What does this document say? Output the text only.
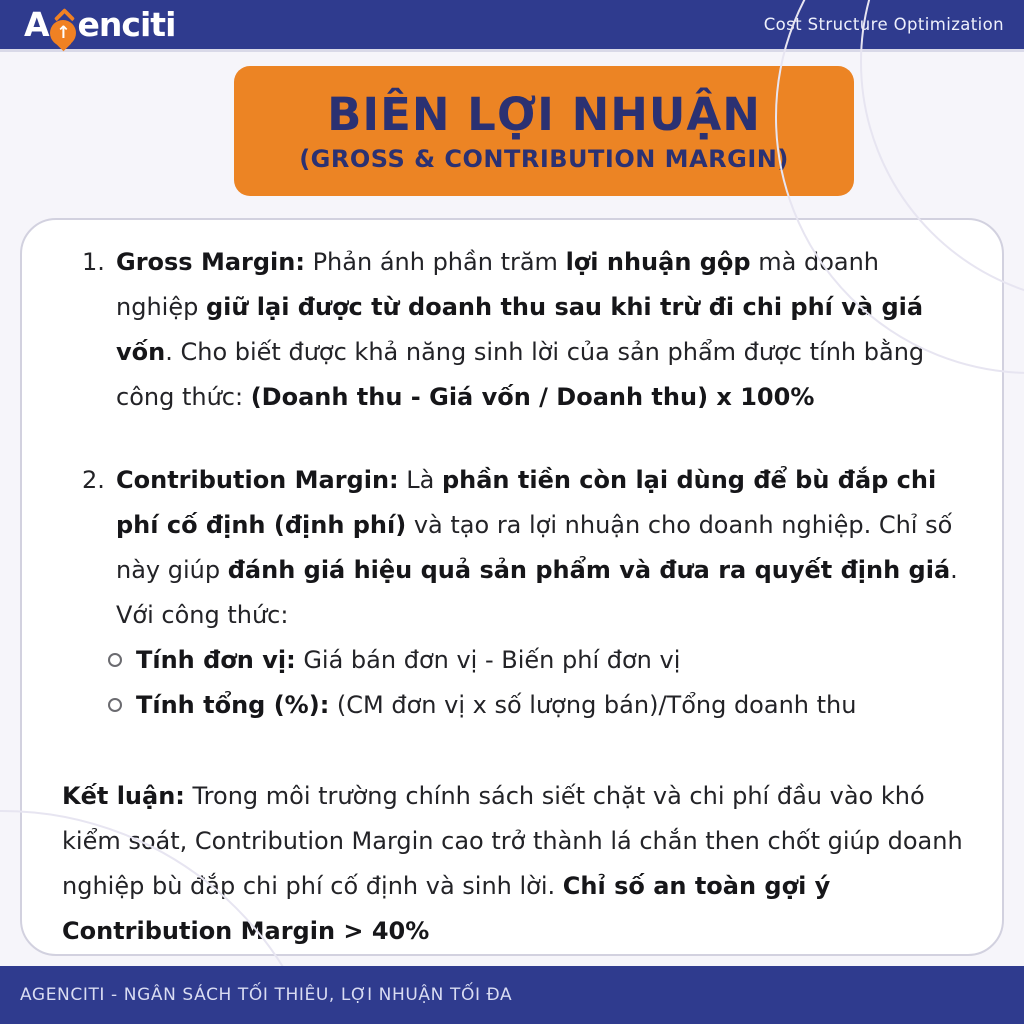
A ↑ enciti	Cost Structure Optimization
BIÊN LỢI NHUẬN
(GROSS & CONTRIBUTION MARGIN)
1. Gross Margin: Phản ánh phần trăm lợi nhuận gộp mà doanh nghiệp giữ lại được từ doanh thu sau khi trừ đi chi phí và giá vốn. Cho biết được khả năng sinh lời của sản phẩm được tính bằng công thức: (Doanh thu - Giá vốn / Doanh thu) x 100%

2. Contribution Margin: Là phần tiền còn lại dùng để bù đắp chi phí cố định (định phí) và tạo ra lợi nhuận cho doanh nghiệp. Chỉ số này giúp đánh giá hiệu quả sản phẩm và đưa ra quyết định giá. Với công thức:

Tính đơn vị: Giá bán đơn vị - Biến phí đơn vị

Tính tổng (%): (CM đơn vị x số lượng bán)/Tổng doanh thu

Kết luận: Trong môi trường chính sách siết chặt và chi phí đầu vào khó kiểm soát, Contribution Margin cao trở thành lá chắn then chốt giúp doanh nghiệp bù đắp chi phí cố định và sinh lời. Chỉ số an toàn gợi ý Contribution Margin > 40%

AGENCITI - NGÂN SÁCH TỐI THIÊU, LỢI NHUẬN TỐI ĐA
